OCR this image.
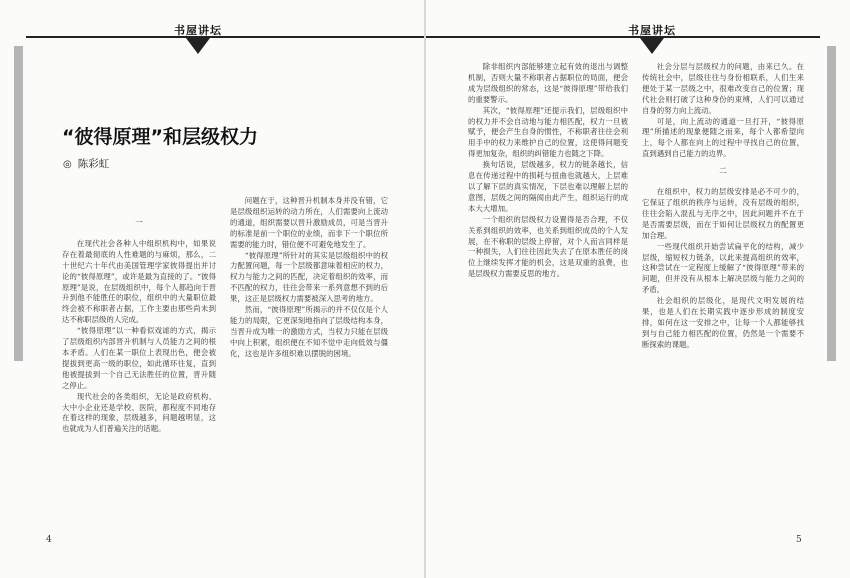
书屋讲坛
“彼得原理”和层级权力
◎ 陈彩虹

一

在现代社会各种人中组织机构中，如果说存在着最彻底的人性难题的与麻烦，那么，二十世纪六十年代由美国管理学家彼得提出并讨论的“彼得原理”，或许是最为直接的了。“彼得原理”是说，在层级组织中，每个人都趋向于晋升到他不能胜任的职位，组织中的大量职位最终会被不称职者占据，工作主要由那些尚未到达不称职层级的人完成。

“彼得原理”以一种看似戏谑的方式，揭示了层级组织内部晋升机制与人员能力之间的根本矛盾。人们在某一职位上表现出色，便会被提拔到更高一级的职位，如此循环往复，直到他被提拔到一个自己无法胜任的位置，晋升随之停止。

现代社会的各类组织，无论是政府机构、大中小企业还是学校、医院，都程度不同地存在着这样的现象，层级越多，问题越明显，这也就成为人们普遍关注的话题。

问题在于，这种晋升机制本身并没有错，它是层级组织运转的动力所在，人们需要向上流动的通道，组织需要以晋升激励成员，可是当晋升的标准是前一个职位的业绩，而非下一个职位所需要的能力时，错位便不可避免地发生了。

“彼得原理”所针对的其实是层级组织中的权力配置问题，每一个层级都意味着相应的权力，权力与能力之间的匹配，决定着组织的效率，而不匹配的权力，往往会带来一系列意想不到的后果，这正是层级权力需要被深入思考的地方。

然而，“彼得原理”所揭示的并不仅仅是个人能力的局限，它更深刻地指向了层级结构本身，当晋升成为唯一的激励方式，当权力只能在层级中向上积累，组织便在不知不觉中走向低效与僵化，这也是许多组织难以摆脱的困境。

4
书屋讲坛

除非组织内部能够建立起有效的退出与调整机制，否则大量不称职者占据职位的局面，便会成为层级组织的常态，这是“彼得原理”带给我们的重要警示。

其次，“彼得原理”还提示我们，层级组织中的权力并不会自动地与能力相匹配，权力一旦被赋予，便会产生自身的惯性，不称职者往往会利用手中的权力来维护自己的位置，这使得问题变得更加复杂，组织的纠错能力也随之下降。

换句话说，层级越多，权力的链条越长，信息在传递过程中的损耗与扭曲也就越大，上层难以了解下层的真实情况，下层也难以理解上层的意图，层级之间的隔阂由此产生，组织运行的成本大大增加。

一个组织的层级权力设置得是否合理，不仅关系到组织的效率，也关系到组织成员的个人发展，在不称职的层级上停留，对个人而言同样是一种损失，人们往往因此失去了在原本胜任的岗位上继续发挥才能的机会，这是双重的浪费，也是层级权力需要反思的地方。

社会分层与层级权力的问题，由来已久。在传统社会中，层级往往与身份相联系，人们生来便处于某一层级之中，很难改变自己的位置；现代社会则打破了这种身份的束缚，人们可以通过自身的努力向上流动。

可是，向上流动的通道一旦打开，“彼得原理”所描述的现象便随之而来，每个人都希望向上，每个人都在向上的过程中寻找自己的位置，直到遇到自己能力的边界。

二

在组织中，权力的层级安排是必不可少的，它保证了组织的秩序与运转，没有层级的组织，往往会陷入混乱与无序之中，因此问题并不在于是否需要层级，而在于如何让层级权力的配置更加合理。

一些现代组织开始尝试扁平化的结构，减少层级，缩短权力链条，以此来提高组织的效率，这种尝试在一定程度上缓解了“彼得原理”带来的问题，但并没有从根本上解决层级与能力之间的矛盾。

社会组织的层级化，是现代文明发展的结果，也是人们在长期实践中逐步形成的制度安排，如何在这一安排之中，让每一个人都能够找到与自己能力相匹配的位置，仍然是一个需要不断探索的课题。

5
